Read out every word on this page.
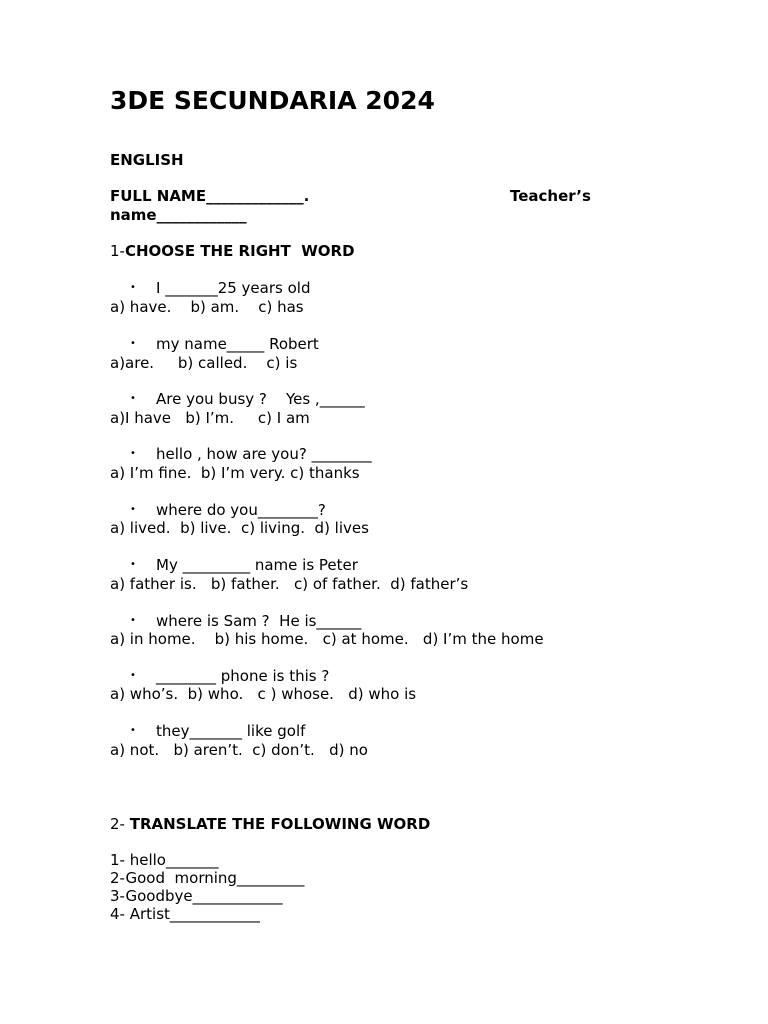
3DE SECUNDARIA 2024
ENGLISH
FULL NAME_____________.	Teacher’s
name____________
1-CHOOSE THE RIGHT  WORD
• I _______25 years old
a) have.    b) am.    c) has
• my name_____ Robert
a)are.     b) called.    c) is
• Are you busy ?    Yes ,______
a)I have   b) I’m.     c) I am
• hello , how are you? ________
a) I’m fine.  b) I’m very. c) thanks
• where do you________?
a) lived.  b) live.  c) living.  d) lives
• My _________ name is Peter
a) father is.   b) father.   c) of father.  d) father’s
• where is Sam ?  He is______
a) in home.    b) his home.   c) at home.   d) I’m the home
• ________ phone is this ?
a) who’s.  b) who.   c ) whose.   d) who is
• they_______ like golf
a) not.   b) aren’t.  c) don’t.   d) no
2- TRANSLATE THE FOLLOWING WORD
1- hello_______
2-Good  morning_________
3-Goodbye____________
4- Artist____________
